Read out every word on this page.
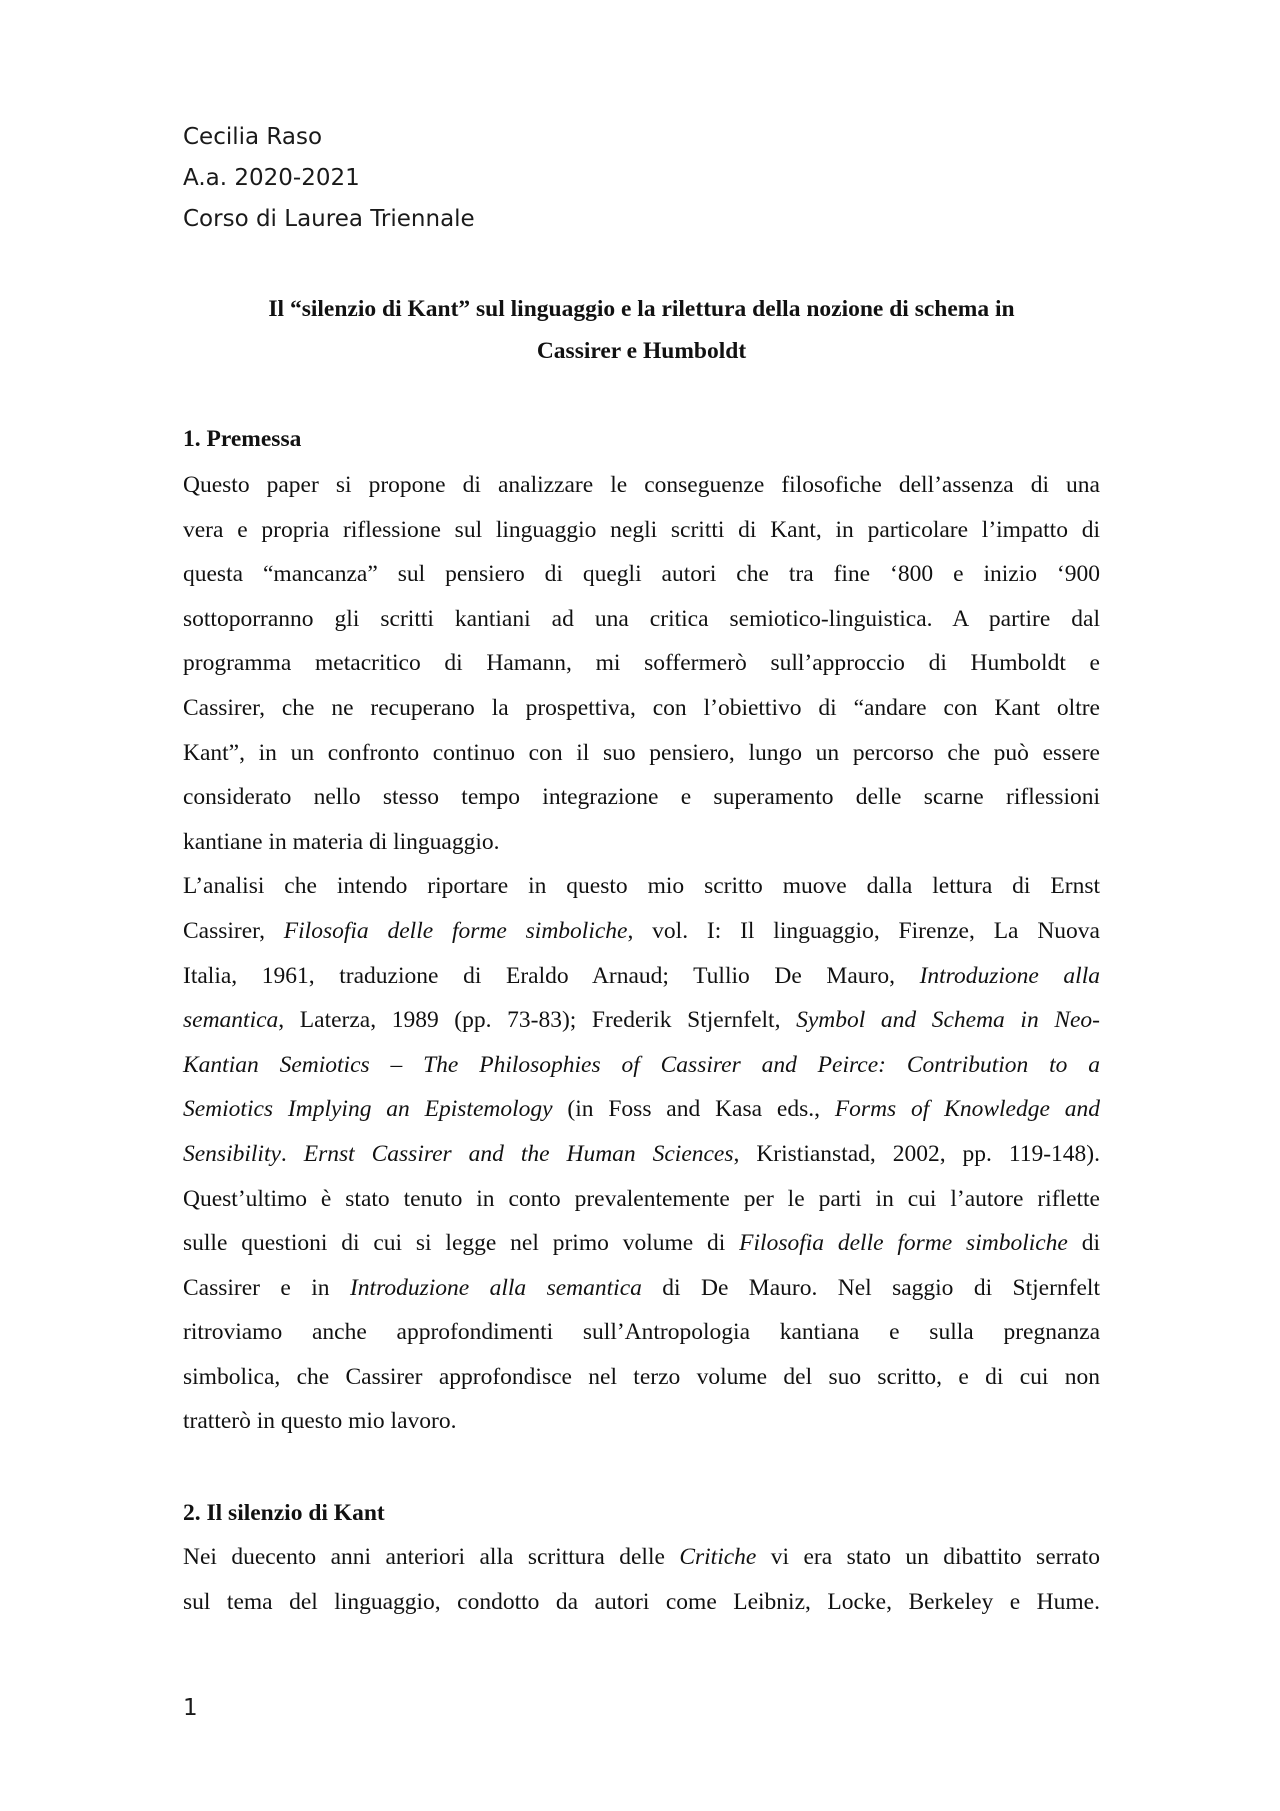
Cecilia Raso
A.a. 2020-2021
Corso di Laurea Triennale
Il “silenzio di Kant” sul linguaggio e la rilettura della nozione di schema in
Cassirer e Humboldt
1. Premessa
Questo paper si propone di analizzare le conseguenze filosofiche dell’assenza di una
vera e propria riflessione sul linguaggio negli scritti di Kant, in particolare l’impatto di
questa “mancanza” sul pensiero di quegli autori che tra fine ‘800 e inizio ‘900
sottoporranno gli scritti kantiani ad una critica semiotico-linguistica. A partire dal
programma metacritico di Hamann, mi soffermerò sull’approccio di Humboldt e
Cassirer, che ne recuperano la prospettiva, con l’obiettivo di “andare con Kant oltre
Kant”, in un confronto continuo con il suo pensiero, lungo un percorso che può essere
considerato nello stesso tempo integrazione e superamento delle scarne riflessioni
kantiane in materia di linguaggio.
L’analisi che intendo riportare in questo mio scritto muove dalla lettura di Ernst
Cassirer, Filosofia delle forme simboliche, vol. I: Il linguaggio, Firenze, La Nuova
Italia, 1961, traduzione di Eraldo Arnaud; Tullio De Mauro, Introduzione alla
semantica, Laterza, 1989 (pp. 73-83); Frederik Stjernfelt, Symbol and Schema in Neo-
Kantian Semiotics – The Philosophies of Cassirer and Peirce: Contribution to a
Semiotics Implying an Epistemology (in Foss and Kasa eds., Forms of Knowledge and
Sensibility. Ernst Cassirer and the Human Sciences, Kristianstad, 2002, pp. 119-148).
Quest’ultimo è stato tenuto in conto prevalentemente per le parti in cui l’autore riflette
sulle questioni di cui si legge nel primo volume di Filosofia delle forme simboliche di
Cassirer e in Introduzione alla semantica di De Mauro. Nel saggio di Stjernfelt
ritroviamo anche approfondimenti sull’Antropologia kantiana e sulla pregnanza
simbolica, che Cassirer approfondisce nel terzo volume del suo scritto, e di cui non
tratterò in questo mio lavoro.
2. Il silenzio di Kant
Nei duecento anni anteriori alla scrittura delle Critiche vi era stato un dibattito serrato
sul tema del linguaggio, condotto da autori come Leibniz, Locke, Berkeley e Hume.
1
